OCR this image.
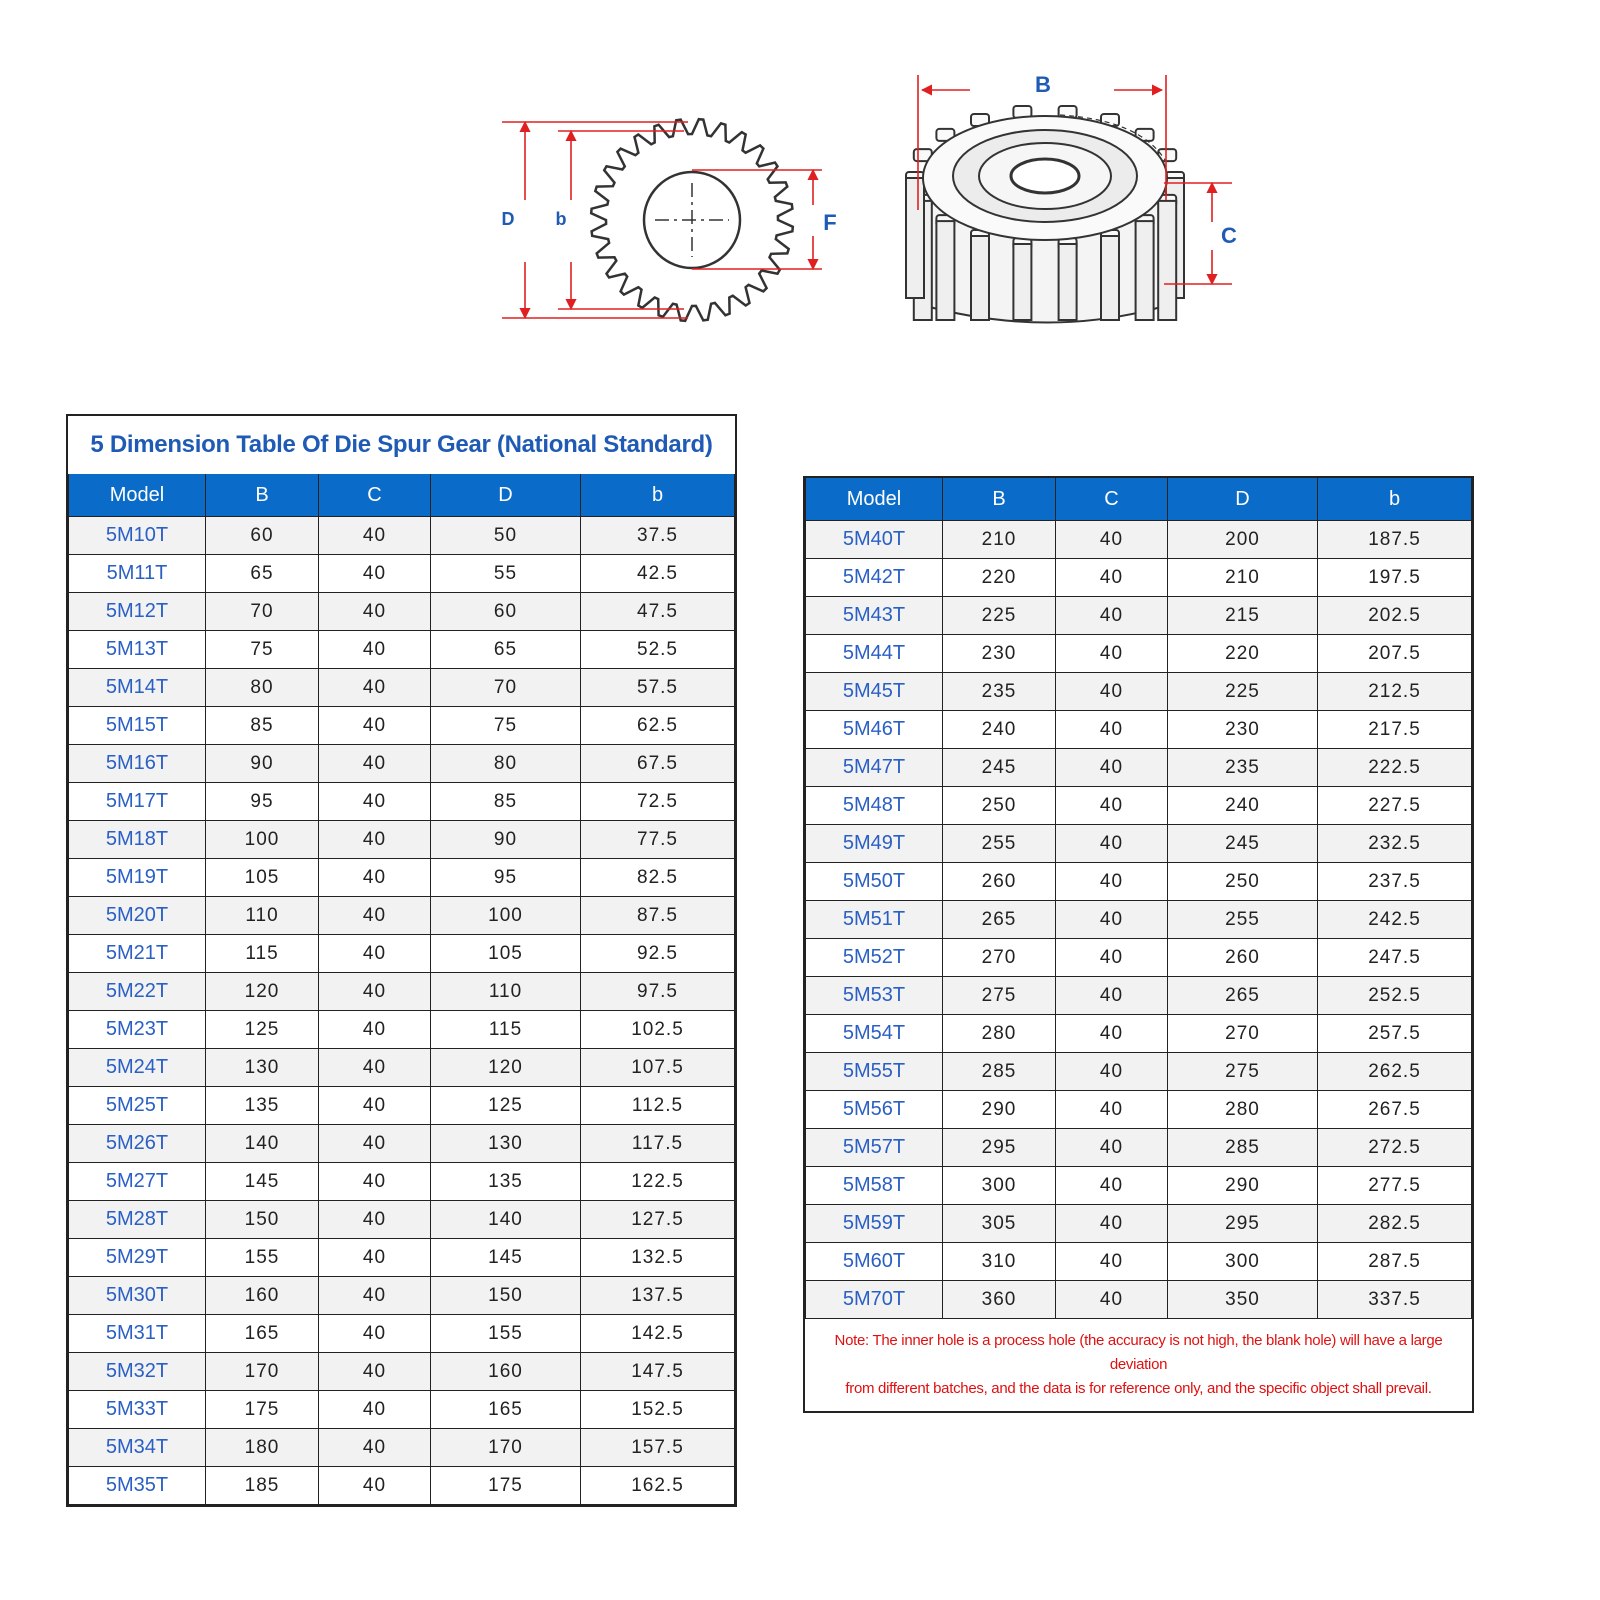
D b	F
B
C
5 Dimension Table Of Die Spur Gear (National Standard)
Model	B	C	D	b
5M10T	60	40	50	37.5
5M11T	65	40	55	42.5
5M12T	70	40	60	47.5
5M13T	75	40	65	52.5
5M14T	80	40	70	57.5
5M15T	85	40	75	62.5
5M16T	90	40	80	67.5
5M17T	95	40	85	72.5
5M18T	100	40	90	77.5
5M19T	105	40	95	82.5
5M20T	110	40	100	87.5
5M21T	115	40	105	92.5
5M22T	120	40	110	97.5
5M23T	125	40	115	102.5
5M24T	130	40	120	107.5
5M25T	135	40	125	112.5
5M26T	140	40	130	117.5
5M27T	145	40	135	122.5
5M28T	150	40	140	127.5
5M29T	155	40	145	132.5
5M30T	160	40	150	137.5
5M31T	165	40	155	142.5
5M32T	170	40	160	147.5
5M33T	175	40	165	152.5
5M34T	180	40	170	157.5
5M35T	185	40	175	162.5
Model	B	C	D	b
5M40T	210	40	200	187.5
5M42T	220	40	210	197.5
5M43T	225	40	215	202.5
5M44T	230	40	220	207.5
5M45T	235	40	225	212.5
5M46T	240	40	230	217.5
5M47T	245	40	235	222.5
5M48T	250	40	240	227.5
5M49T	255	40	245	232.5
5M50T	260	40	250	237.5
5M51T	265	40	255	242.5
5M52T	270	40	260	247.5
5M53T	275	40	265	252.5
5M54T	280	40	270	257.5
5M55T	285	40	275	262.5
5M56T	290	40	280	267.5
5M57T	295	40	285	272.5
5M58T	300	40	290	277.5
5M59T	305	40	295	282.5
5M60T	310	40	300	287.5
5M70T	360	40	350	337.5
Note: The inner hole is a process hole (the accuracy is not high, the blank hole) will have a large deviation
from different batches, and the data is for reference only, and the specific object shall prevail.
